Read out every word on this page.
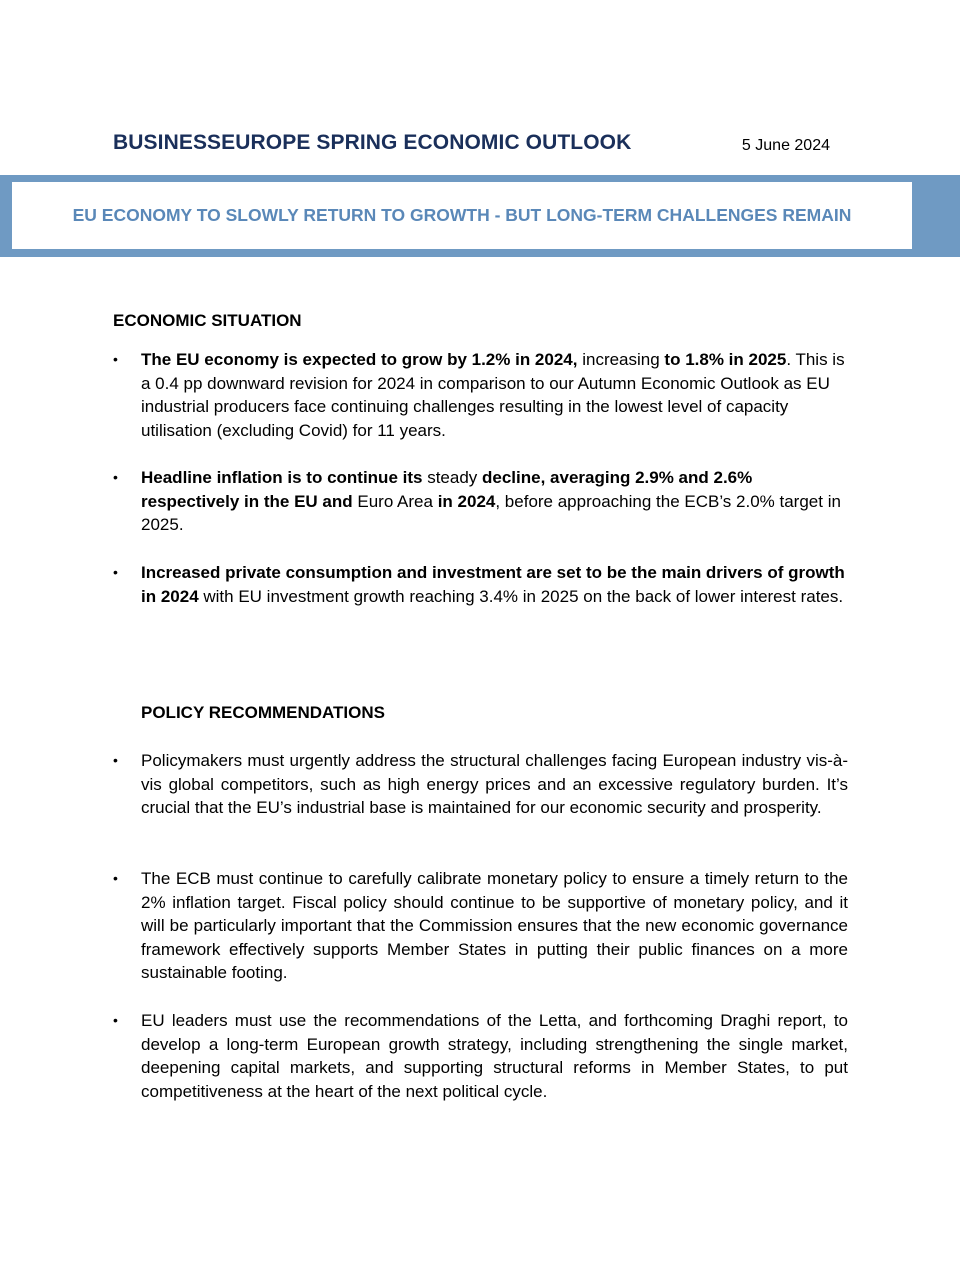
BUSINESSEUROPE SPRING ECONOMIC OUTLOOK	5 June 2024
EU ECONOMY TO SLOWLY RETURN TO GROWTH - BUT LONG-TERM CHALLENGES REMAIN
ECONOMIC SITUATION
•	The EU economy is expected to grow by 1.2% in 2024, increasing to 1.8% in 2025. This is a 0.4 pp downward revision for 2024 in comparison to our Autumn Economic Outlook as EU industrial producers face continuing challenges resulting in the lowest level of capacity utilisation (excluding Covid) for 11 years.
•	Headline inflation is to continue its steady decline, averaging 2.9% and 2.6% respectively in the EU and Euro Area in 2024, before approaching the ECB’s 2.0% target in 2025.
•	Increased private consumption and investment are set to be the main drivers of growth in 2024 with EU investment growth reaching 3.4% in 2025 on the back of lower interest rates.
POLICY RECOMMENDATIONS
•	Policymakers must urgently address the structural challenges facing European industry vis-à-vis global competitors, such as high energy prices and an excessive regulatory burden. It’s crucial that the EU’s industrial base is maintained for our economic security and prosperity.
•	The ECB must continue to carefully calibrate monetary policy to ensure a timely return to the 2% inflation target. Fiscal policy should continue to be supportive of monetary policy, and it will be particularly important that the Commission ensures that the new economic governance framework effectively supports Member States in putting their public finances on a more sustainable footing.
•	EU leaders must use the recommendations of the Letta, and forthcoming Draghi report, to develop a long-term European growth strategy, including strengthening the single market, deepening capital markets, and supporting structural reforms in Member States, to put competitiveness at the heart of the next political cycle.
